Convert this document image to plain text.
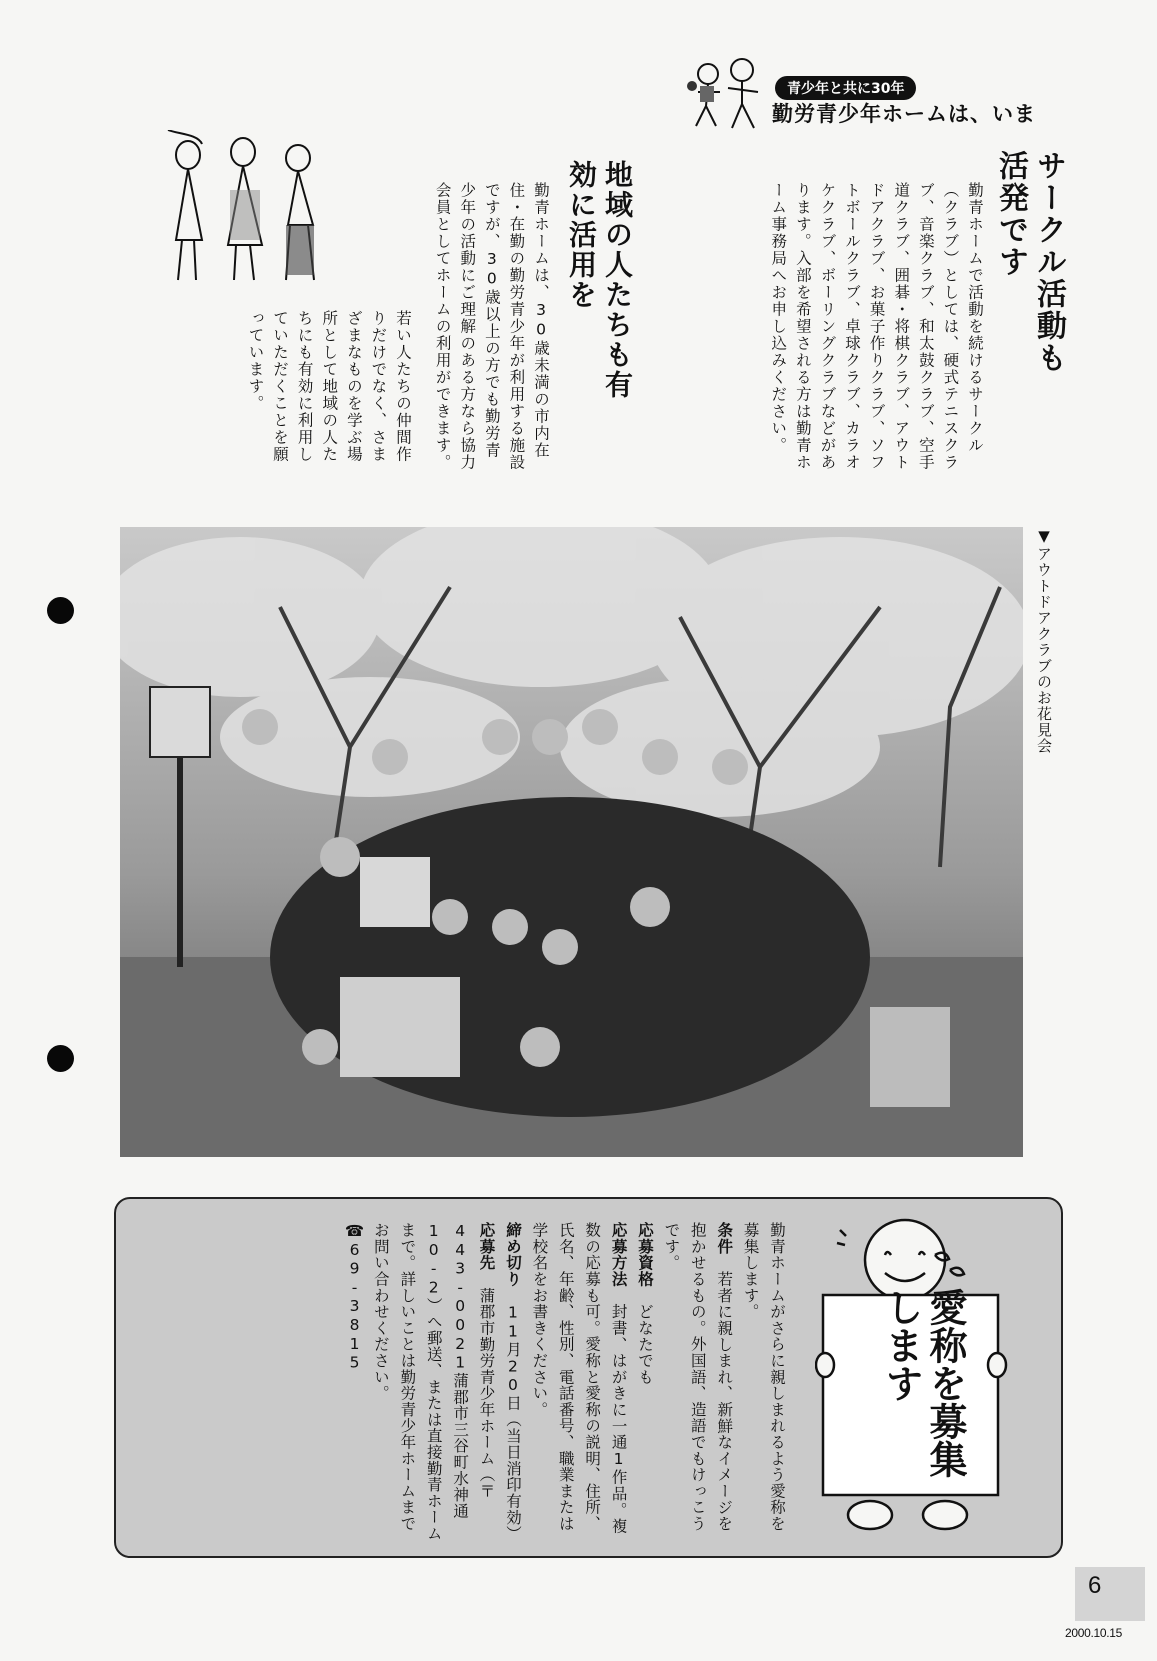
青少年と共に30年
勤労青少年ホームは、いま
サークル活動も活発です
勤青ホームで活動を続けるサークル（クラブ）としては、硬式テニスクラブ、音楽クラブ、和太鼓クラブ、空手道クラブ、囲碁・将棋クラブ、アウトドアクラブ、お菓子作りクラブ、ソフトボールクラブ、卓球クラブ、カラオケクラブ、ボーリングクラブなどがあります。入部を希望される方は勤青ホーム事務局へお申し込みください。
地域の人たちも有効に活用を

勤青ホームは、30歳未満の市内在住・在勤の勤労青少年が利用する施設ですが、30歳以上の方でも勤労青少年の活動にご理解のある方なら協力会員としてホームの利用ができます。

若い人たちの仲間作りだけでなく、さまざまなものを学ぶ場所として地域の人たちにも有効に利用していただくことを願っています。

▼アウトドアクラブのお花見会
愛称を募集します

勤青ホームがさらに親しまれるよう愛称を募集します。

条件　若者に親しまれ、新鮮なイメージを抱かせるもの。外国語、造語でもけっこうです。

応募資格　どなたでも

応募方法　封書、はがきに一通1作品。複数の応募も可。愛称と愛称の説明、住所、氏名、年齢、性別、電話番号、職業または学校名をお書きください。

締め切り　11月20日（当日消印有効）

応募先　蒲郡市勤労青少年ホーム（〒443-0021蒲郡市三谷町水神通10-2）へ郵送、または直接勤青ホームまで。詳しいことは勤労青少年ホームまでお問い合わせください。

☎69-3815

6
2000.10.15
